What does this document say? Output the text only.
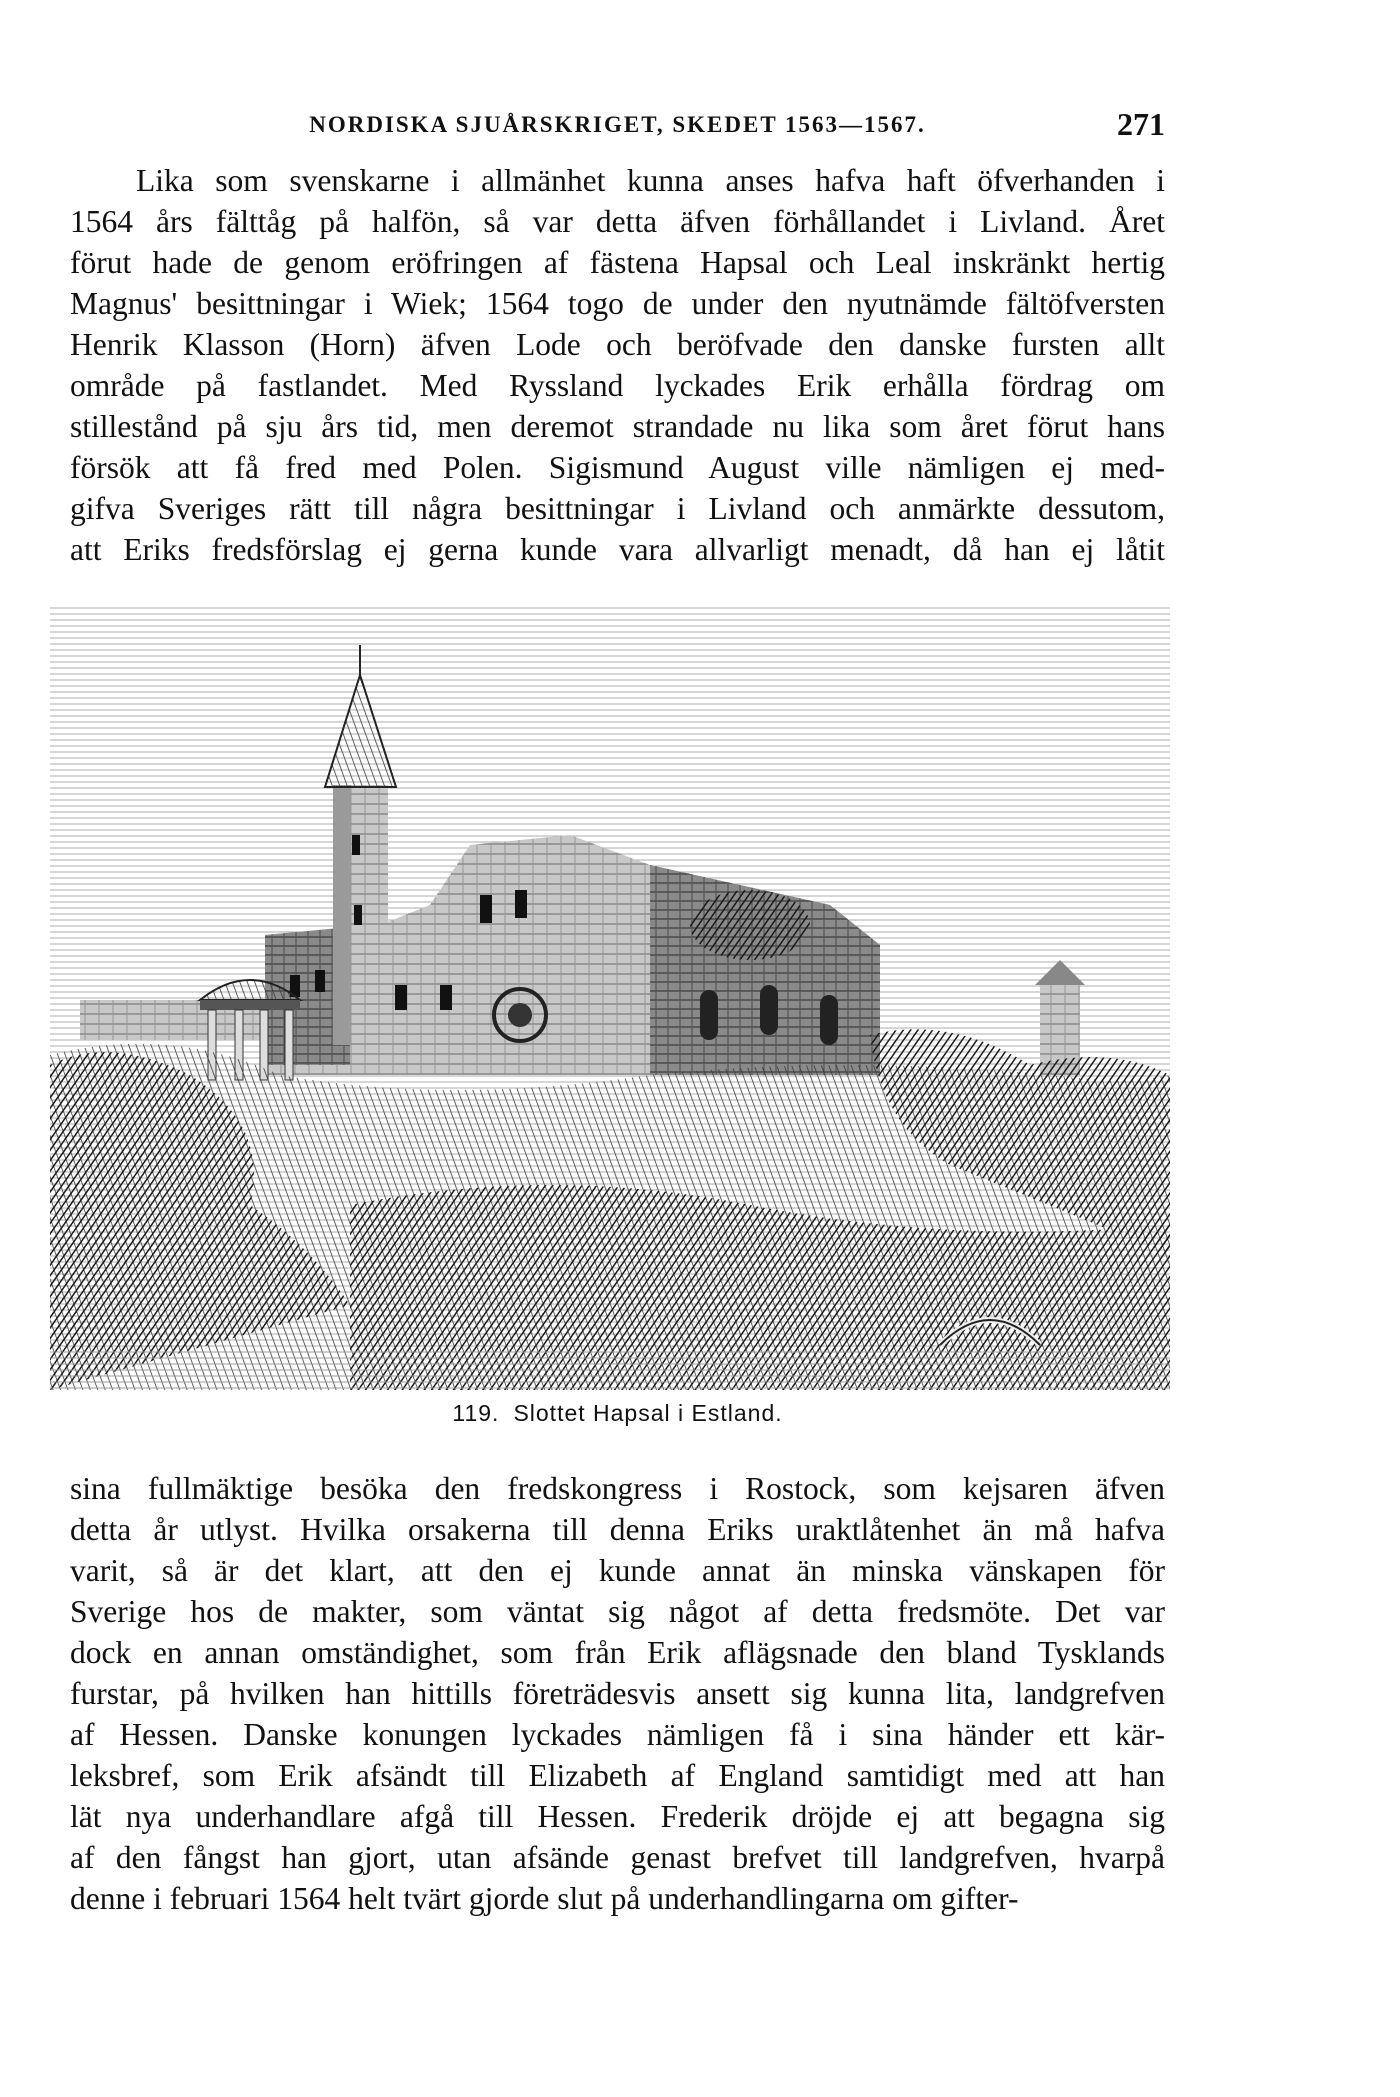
NORDISKA SJUÅRSKRIGET, SKEDET 1563—1567.	271
Lika som svenskarne i allmänhet kunna anses hafva haft öfverhanden i
1564 års fälttåg på halfön, så var detta äfven förhållandet i Livland. Året
förut hade de genom eröfringen af fästena Hapsal och Leal inskränkt hertig
Magnus' besittningar i Wiek; 1564 togo de under den nyutnämde fältöfversten
Henrik Klasson (Horn) äfven Lode och beröfvade den danske fursten allt
område på fastlandet. Med Ryssland lyckades Erik erhålla fördrag om
stillestånd på sju års tid, men deremot strandade nu lika som året förut hans
försök att få fred med Polen. Sigismund August ville nämligen ej med-
gifva Sveriges rätt till några besittningar i Livland och anmärkte dessutom,
att Eriks fredsförslag ej gerna kunde vara allvarligt menadt, då han ej låtit
119. Slottet Hapsal i Estland.
sina fullmäktige besöka den fredskongress i Rostock, som kejsaren äfven
detta år utlyst. Hvilka orsakerna till denna Eriks uraktlåtenhet än må hafva
varit, så är det klart, att den ej kunde annat än minska vänskapen för
Sverige hos de makter, som väntat sig något af detta fredsmöte. Det var
dock en annan omständighet, som från Erik aflägsnade den bland Tysklands
furstar, på hvilken han hittills företrädesvis ansett sig kunna lita, landgrefven
af Hessen. Danske konungen lyckades nämligen få i sina händer ett kär-
leksbref, som Erik afsändt till Elizabeth af England samtidigt med att han
lät nya underhandlare afgå till Hessen. Frederik dröjde ej att begagna sig
af den fångst han gjort, utan afsände genast brefvet till landgrefven, hvarpå
denne i februari 1564 helt tvärt gjorde slut på underhandlingarna om gifter-
